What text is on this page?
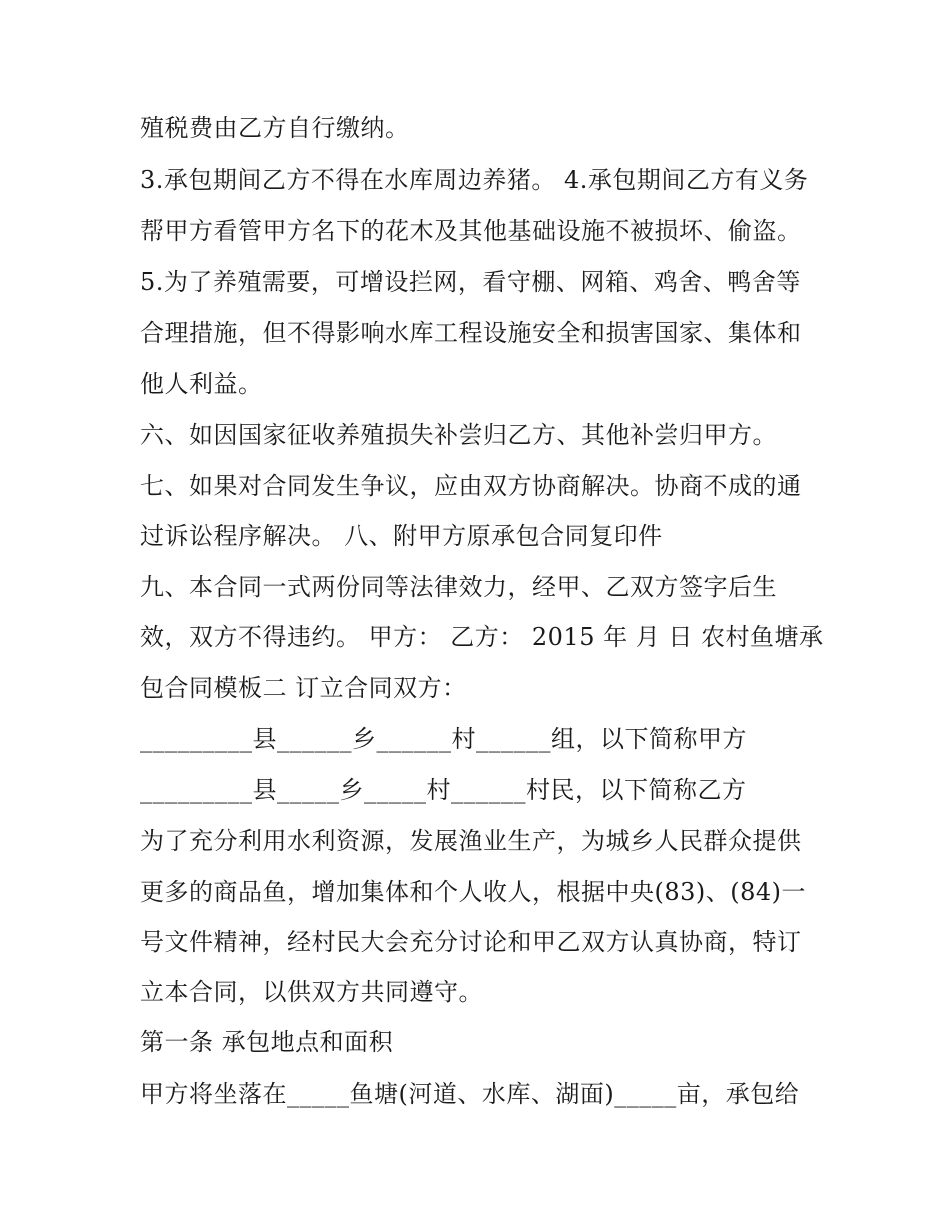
殖税费由乙方自行缴纳。
3.承包期间乙方不得在水库周边养猪。 4.承包期间乙方有义务
帮甲方看管甲方名下的花木及其他基础设施不被损坏、偷盗。
5.为了养殖需要，可增设拦网，看守棚、网箱、鸡舍、鸭舍等
合理措施，但不得影响水库工程设施安全和损害国家、集体和
他人利益。
六、如因国家征收养殖损失补尝归乙方、其他补尝归甲方。
七、如果对合同发生争议，应由双方协商解决。协商不成的通
过诉讼程序解决。 八、附甲方原承包合同复印件
九、本合同一式两份同等法律效力，经甲、乙双方签字后生
效，双方不得违约。 甲方： 乙方： 2015 年 月 日 农村鱼塘承
包合同模板二 订立合同双方：
_________县______乡______村______组，以下简称甲方
_________县_____乡_____村______村民，以下简称乙方
为了充分利用水利资源，发展渔业生产，为城乡人民群众提供
更多的商品鱼，增加集体和个人收人，根据中央(83)、(84)一
号文件精神，经村民大会充分讨论和甲乙双方认真协商，特订
立本合同，以供双方共同遵守。
第一条 承包地点和面积
甲方将坐落在_____鱼塘(河道、水库、湖面)_____亩，承包给
